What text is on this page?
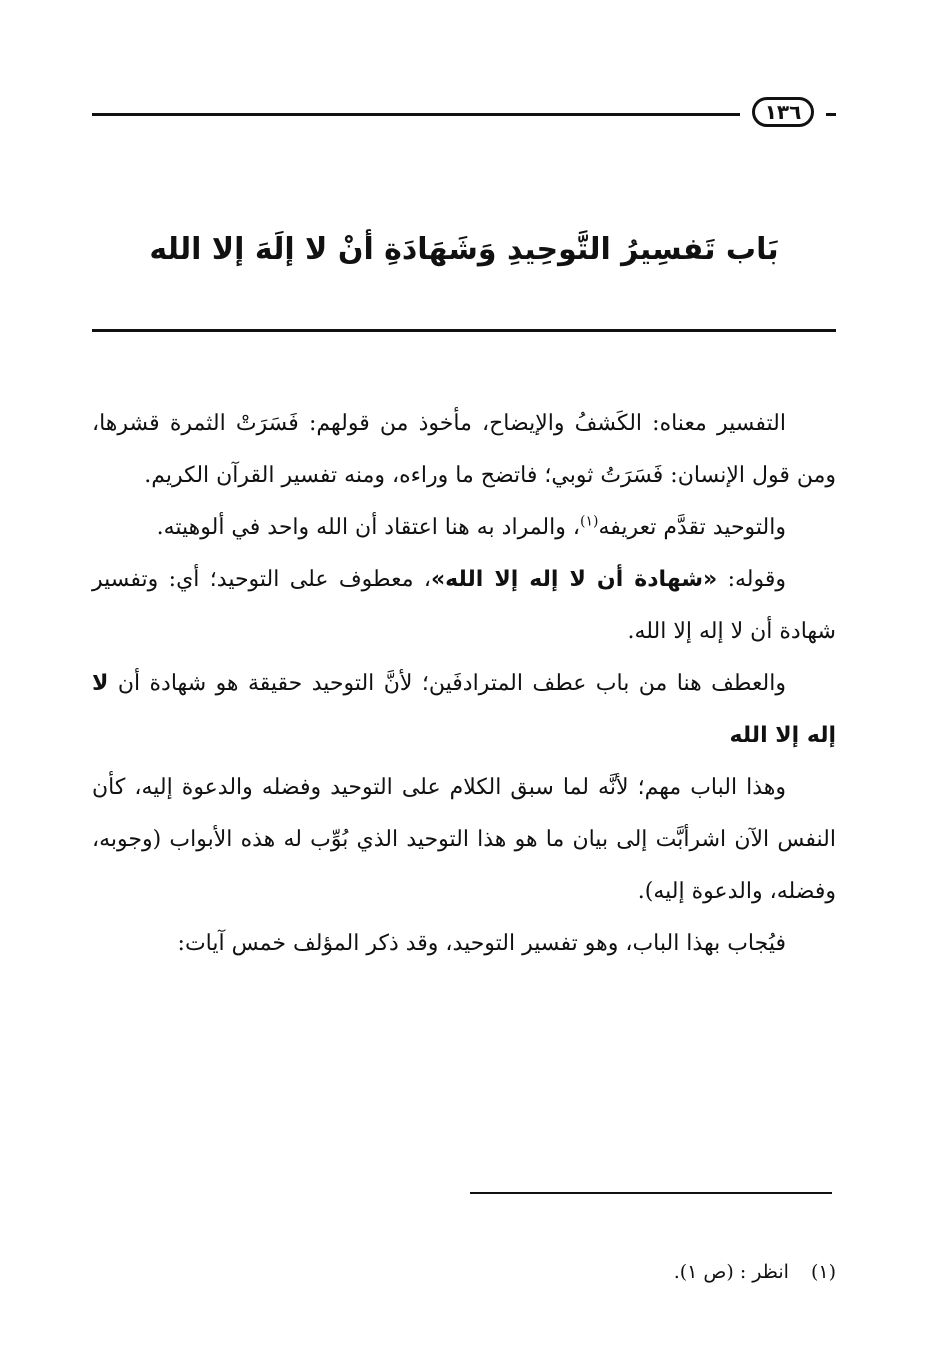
١٣٦
بَاب تَفسِيرُ التَّوحِيدِ وَشَهَادَةِ أنْ لا إلَهَ إلا الله

التفسير معناه: الكَشفُ والإيضاح، مأخوذ من قولهم: فَسَرَتْ الثمرة قشرها، ومن قول الإنسان: فَسَرَتُ ثوبي؛ فاتضح ما وراءه، ومنه تفسير القرآن الكريم.

والتوحيد تقدَّم تعريفه$^{(١)}$، والمراد به هنا اعتقاد أن الله واحد في ألوهيته.

وقوله: «شهادة أن لا إله إلا الله»، معطوف على التوحيد؛ أي: وتفسير شهادة أن لا إله إلا الله.

والعطف هنا من باب عطف المترادفَين؛ لأنَّ التوحيد حقيقة هو شهادة أن لا إله إلا الله

وهذا الباب مهم؛ لأنَّه لما سبق الكلام على التوحيد وفضله والدعوة إليه، كأن النفس الآن اشرأبَّت إلى بيان ما هو هذا التوحيد الذي بُوِّب له هذه الأبواب (وجوبه، وفضله، والدعوة إليه).

فيُجاب بهذا الباب، وهو تفسير التوحيد، وقد ذكر المؤلف خمس آيات:

(١)انظر : (ص ١).
